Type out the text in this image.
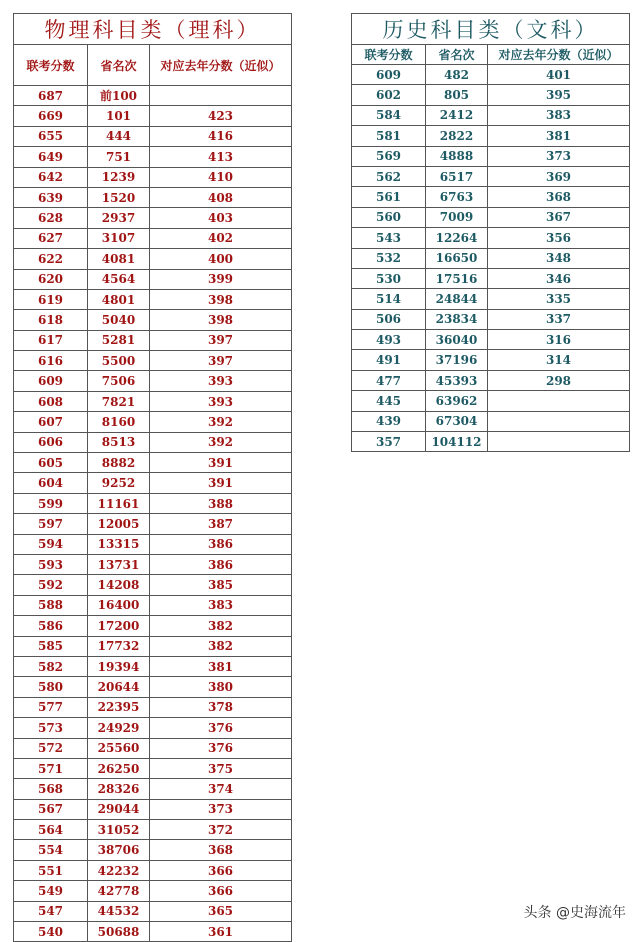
物理科目类（理科）		
联考分数	省名次	对应去年分数（近似）
687	前100	
669	101	423
655	444	416
649	751	413
642	1239	410
639	1520	408
628	2937	403
627	3107	402
622	4081	400
620	4564	399
619	4801	398
618	5040	398
617	5281	397
616	5500	397
609	7506	393
608	7821	393
607	8160	392
606	8513	392
605	8882	391
604	9252	391
599	11161	388
597	12005	387
594	13315	386
593	13731	386
592	14208	385
588	16400	383
586	17200	382
585	17732	382
582	19394	381
580	20644	380
577	22395	378
573	24929	376
572	25560	376
571	26250	375
568	28326	374
567	29044	373
564	31052	372
554	38706	368
551	42232	366
549	42778	366
547	44532	365
540	50688	361
历史科目类（文科）		
联考分数	省名次	对应去年分数（近似）
609	482	401
602	805	395
584	2412	383
581	2822	381
569	4888	373
562	6517	369
561	6763	368
560	7009	367
543	12264	356
532	16650	348
530	17516	346
514	24844	335
506	23834	337
493	36040	316
491	37196	314
477	45393	298
445	63962	
439	67304	
357	104112	
头条 @史海流年
